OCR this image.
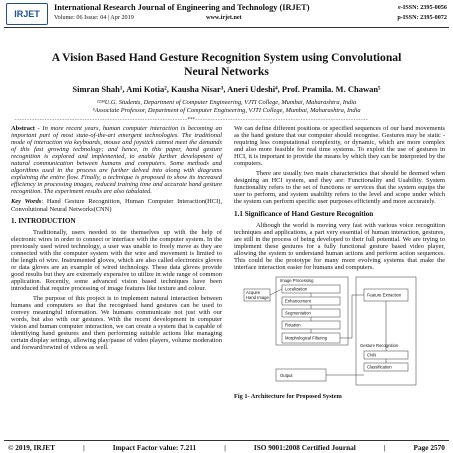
IRJET
International Research Journal of Engineering and Technology (IRJET)
Volume: 06 Issue: 04 | Apr 2019	www.irjet.net
e-ISSN: 2395-0056
p-ISSN: 2395-0072
A Vision Based Hand Gesture Recognition System using Convolutional
Neural Networks
Simran Shah¹, Ami Kotia², Kausha Nisar³, Aneri Udeshi⁴, Prof. Pramila. M. Chawan⁵
¹²³⁴U.G. Students, Department of Computer Engineering, VJTI College, Mumbai, Maharashtra, India
⁵Associate Professor, Department of Computer Engineering, VJTI College, Mumbai, Maharashtra, India
---------------------------------------------------------------------***---------------------------------------------------------------------

Abstract - In more recent years, human computer interaction is becoming an important part of most state-of-the-art emergent technologies. The traditional mode of interaction via keyboards, mouse and joystick cannot meet the demands of this fast growing technology; and hence, in this paper, hand gesture recognition is explored and implemented, to enable further development of natural communication between humans and computers. Some methods and algorithms used in the process are further delved into along with diagrams explaining the entire flow. Finally, a technique is proposed to show its increased efficiency in processing images, reduced training time and accurate hand gesture recognition. The experiment results are also tabulated.

Key Words: Hand Gesture Recognition, Human Computer Interaction(HCI), Convolutional Neural Networks(CNN)

1. INTRODUCTION

Traditionally, users needed to tie themselves up with the help of electronic wires in order to connect or interface with the computer system. In the previously used wired technology, a user was unable to freely move as they are connected with the computer system with the wire and movement is limited to the length of wire. Instrumented gloves, which are also called electronics gloves or data gloves are an example of wired technology. These data gloves provide good results but they are extremely expensive to utilize in wide range of common application. Recently, some advanced vision based techniques have been introduced that require processing of image features like texture and colour.

The purpose of this project is to implement natural interaction between humans and computers so that the recognised hand gestures can be used to convey meaningful information. We humans communicate not just with our words, but also with our gestures. With the recent development in computer vision and human computer interaction, we can create a system that is capable of identifying hand gestures and then performing suitable actions like managing certain display settings, allowing play/pause of video players, volume moderation and forward/rewind of videos as well.

We can define different positions or specified sequences of our hand movements as the hand gesture that our computer should recognise. Gestures may be static - requiring less computational complexity, or dynamic, which are more complex and also more feasible for real time systems. To exploit the use of gestures in HCI, it is important to provide the means by which they can be interpreted by the computers.

There are usually two main characteristics that should be deemed when designing an HCI system, and they are: Functionality and Usability. System functionality refers to the set of functions or services that the system equips the user to perform, and system usability refers to the level and scope under which the system can perform specific user purposes efficiently and more accurately.

1.1 Significance of Hand Gesture Recognition

Although the world is moving very fast with various voice recognition techniques and applications, a part very essential of human interaction, gestures, are still in the process of being developed to their full potential. We are trying to implement these gestures for a fully functional gesture based video player, allowing the system to understand human actions and perform action sequences. This could be the prototype for many more evolving systems that make the interface interaction easier for humans and computers.

Acquire
Hand Image
Image Processing
Localization
Enhancement
Segmentation
Rotation
Morphological Filtering
Feature Extraction
Gesture Recognition
CNN
Classification
Output

Fig 1- Architecture for Proposed System

© 2019, IRJET	|	Impact Factor value: 7.211	|	ISO 9001:2008 Certified Journal	|	Page 2570
